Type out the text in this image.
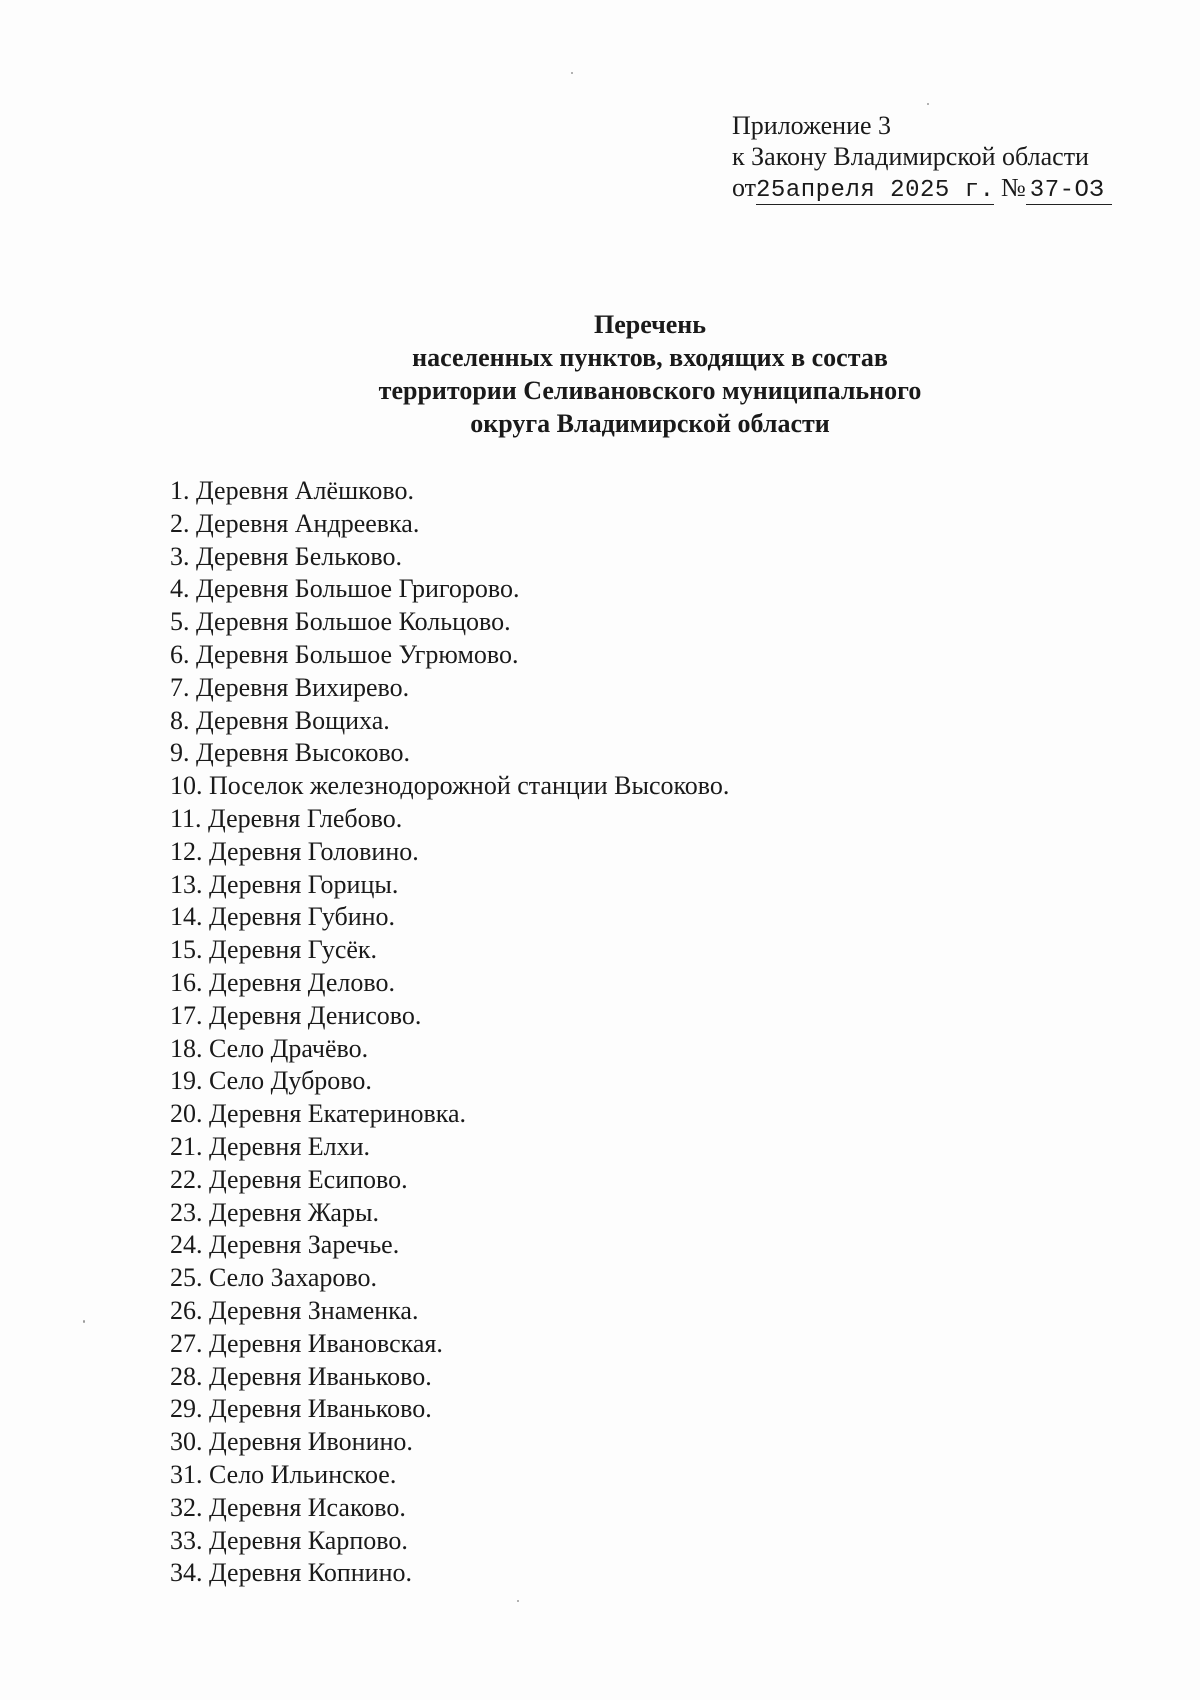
Приложение 3
к Закону Владимирской области
от25апреля 2025 г. № 37-ОЗ
Перечень
населенных пунктов, входящих в состав
территории Селивановского муниципального
округа Владимирской области
1. Деревня Алёшково.
2. Деревня Андреевка.
3. Деревня Бельково.
4. Деревня Большое Григорово.
5. Деревня Большое Кольцово.
6. Деревня Большое Угрюмово.
7. Деревня Вихирево.
8. Деревня Вощиха.
9. Деревня Высоково.
10. Поселок железнодорожной станции Высоково.
11. Деревня Глебово.
12. Деревня Головино.
13. Деревня Горицы.
14. Деревня Губино.
15. Деревня Гусёк.
16. Деревня Делово.
17. Деревня Денисово.
18. Село Драчёво.
19. Село Дуброво.
20. Деревня Екатериновка.
21. Деревня Елхи.
22. Деревня Есипово.
23. Деревня Жары.
24. Деревня Заречье.
25. Село Захарово.
26. Деревня Знаменка.
27. Деревня Ивановская.
28. Деревня Иваньково.
29. Деревня Иваньково.
30. Деревня Ивонино.
31. Село Ильинское.
32. Деревня Исаково.
33. Деревня Карпово.
34. Деревня Копнино.
